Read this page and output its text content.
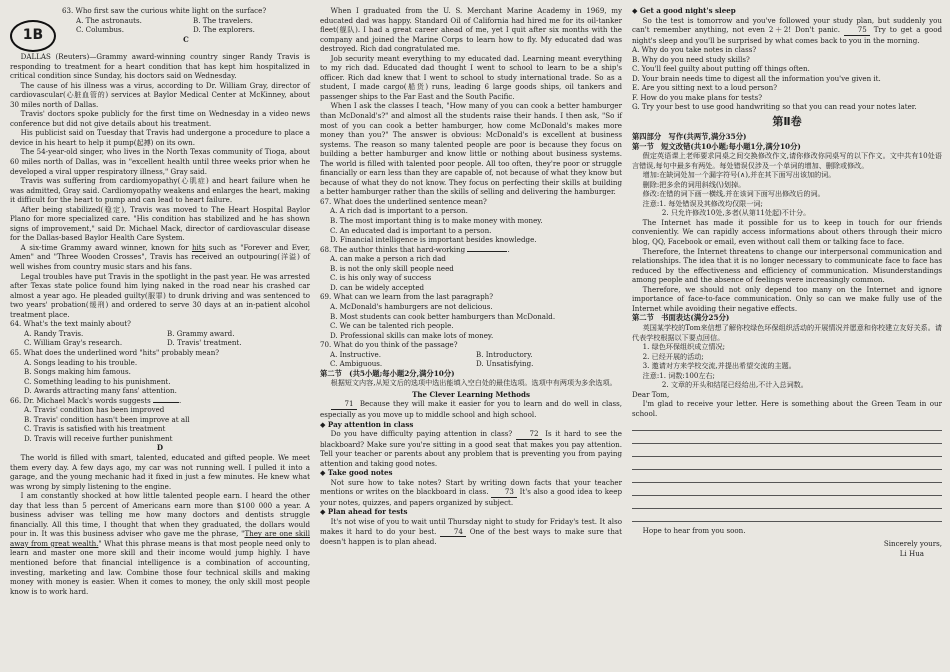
1B

63. Who first saw the curious white light on the surface?

A. The astronauts.	B. The travelers.
C. Columbus.	D. The explorers.

C

DALLAS (Reuters)—Grammy award-winning country singer Randy Travis is responding to treatment for a heart condition that has kept him hospitalized in critical condition since Sunday, his doctors said on Wednesday.

The cause of his illness was a virus, according to Dr. William Gray, director of cardiovascular(心脏血管的) services at Baylor Medical Center at McKinney, about 30 miles north of Dallas.

Travis' doctors spoke publicly for the first time on Wednesday in a video news conference but did not give details about his treatment.

His publicist said on Tuesday that Travis had undergone a procedure to place a device in his heart to help it pump(起搏) on its own.

The 54-year-old singer, who lives in the North Texas community of Tioga, about 60 miles north of Dallas, was in "excellent health until three weeks prior when he developed a viral upper respiratory illness," Gray said.

Travis was suffering from cardiomyopathy(心肌症) and heart failure when he was admitted, Gray said. Cardiomyopathy weakens and enlarges the heart, making it difficult for the heart to pump and can lead to heart failure.

After being stabilized(稳定), Travis was moved to The Heart Hospital Baylor Plano for more specialized care. "His condition has stabilized and he has shown signs of improvement," said Dr. Michael Mack, director of cardiovascular disease for the Dallas-based Baylor Health Care System.

A six-time Grammy award winner, known for hits such as "Forever and Ever, Amen" and "Three Wooden Crosses", Travis has received an outpouring(洋溢) of well wishes from country music stars and his fans.

Legal troubles have put Travis in the spotlight in the past year. He was arrested after Texas state police found him lying naked in the road near his crashed car almost a year ago. He pleaded guilty(服罪) to drunk driving and was sentenced to two years' probation(缓刑) and ordered to serve 30 days at an in-patient alcohol treatment place.

64. What's the text mainly about?

A. Randy Travis.	B. Grammy award.
C. William Gray's research.	D. Travis' treatment.

65. What does the underlined word "hits" probably mean?

A. Songs leading to his trouble.

B. Songs making him famous.

C. Something leading to his punishment.

D. Awards attracting many fans' attention.

66. Dr. Michael Mack's words suggests	.

A. Travis' condition has been improved

B. Travis' condition hasn't been improve at all

C. Travis is satisfied with his treatment

D. Travis will receive further punishment

D

The world is filled with smart, talented, educated and gifted people. We meet them every day. A few days ago, my car was not running well. I pulled it into a garage, and the young mechanic had it fixed in just a few minutes. He knew what was wrong by simply listening to the engine.

I am constantly shocked at how little talented people earn. I heard the other day that less than 5 percent of Americans earn more than $100 000 a year. A business adviser was telling me how many doctors and dentists struggle financially. All this time, I thought that when they graduated, the dollars would pour in. It was this business adviser who gave me the phrase, "They are one skill away from great wealth." What this phrase means is that most people need only to learn and master one more skill and their income would jump highly. I have mentioned before that financial intelligence is a combination of accounting, investing, marketing and law. Combine those four technical skills and making money with money is easier. When it comes to money, the only skill most people know is to work hard.

When I graduated from the U. S. Merchant Marine Academy in 1969, my educated dad was happy. Standard Oil of California had hired me for its oil-tanker fleet(舰队). I had a great career ahead of me, yet I quit after six months with the company and joined the Marine Corps to learn how to fly. My educated dad was destroyed. Rich dad congratulated me.

Job security meant everything to my educated dad. Learning meant everything to my rich dad. Educated dad thought I went to school to learn to be a ship's officer. Rich dad knew that I went to school to study international trade. So as a student, I made cargo(船货) runs, leading 6 large goods ships, oil tankers and passenger ships to the Far East and the South Pacific.

When I ask the classes I teach, "How many of you can cook a better hamburger than McDonald's?" and almost all the students raise their hands. I then ask, "So if most of you can cook a better hamburger, how come McDonald's makes more money than you?" The answer is obvious: McDonald's is excellent at business systems. The reason so many talented people are poor is because they focus on building a better hamburger and know little or nothing about business systems. The world is filled with talented poor people. All too often, they're poor or struggle financially or earn less than they are capable of, not because of what they know but because of what they do not know. They focus on perfecting their skills at building a better hamburger rather than the skills of selling and delivering the hamburger.

67. What does the underlined sentence mean?

A. A rich dad is important to a person.

B. The most important thing is to make money with money.

C. An educated dad is important to a person.

D. Financial intelligence is important besides knowledge.

68. The author thinks that hard-working	.

A. can make a person a rich dad

B. is not the only skill people need

C. is his only way of success

D. can be widely accepted

69. What can we learn from the last paragraph?

A. McDonald's hamburgers are not delicious.

B. Most students can cook better hamburgers than McDonald.

C. We can be talented rich people.

D. Professional skills can make lots of money.

70. What do you think of the passage?

A. Instructive.	B. Introductory.
C. Ambiguous.	D. Unsatisfying.

第二节　(共5小题;每小题2分,满分10分)

根据短文内容,从短文后的选项中选出能填入空白处的最佳选项。选项中有两项为多余选项。

The Clever Learning Methods

71 Because they will make it easier for you to learn and do well in class, especially as you move up to middle school and high school.

◆ Pay attention in class

Do you have difficulty paying attention in class? 72 Is it hard to see the blackboard? Make sure you're sitting in a good seat that makes you pay attention. Tell your teacher or parents about any problem that is preventing you from paying attention and taking good notes.

◆ Take good notes

Not sure how to take notes? Start by writing down facts that your teacher mentions or writes on the blackboard in class. 73 It's also a good idea to keep your notes, quizzes, and papers organized by subject.

◆ Plan ahead for tests

It's not wise of you to wait until Thursday night to study for Friday's test. It also makes it hard to do your best. 74 One of the best ways to make sure that doesn't happen is to plan ahead.

◆ Get a good night's sleep

So the test is tomorrow and you've followed your study plan, but suddenly you can't remember anything, not even 2＋2! Don't panic. 75 Try to get a good night's sleep and you'll be surprised by what comes back to you in the morning.

A. Why do you take notes in class?

B. Why do you need study skills?

C. You'll feel guilty about putting off things often.

D. Your brain needs time to digest all the information you've given it.

E. Are you sitting next to a loud person?

F. How do you make plans for tests?

G. Try your best to use good handwriting so that you can read your notes later.

第Ⅱ卷

第四部分　写作(共两节,满分35分)

第一节　短文改错(共10小题;每小题1分,满分10分)

假定英语课上老师要求同桌之间交换修改作文,请你修改你同桌写的以下作文。文中共有10处语言错误,每句中最多有两处。每处错误仅涉及一个单词的增加、删除或修改。

增加:在缺词处加一个漏字符号(∧),并在其下面写出该加的词。

删除:把多余的词用斜线(\)划掉。

修改:在错的词下画一横线,并在该词下面写出修改后的词。

注意:1. 每处错误及其修改均仅限一词;

2. 只允许修改10处,多者(从第11处起)不计分。

The Internet has made it possible for us to keep in touch for our friends conveniently. We can rapidly access informations about others through their micro blog, QQ, Facebook or email, even without call them or talking face to face.

Therefore, the Internet threatens to change our interpersonal communication and relationships. The idea that it is no longer necessary to communicate face to face has reduced by the effectiveness and efficiency of communication. Misunderstandings among people and the absence of feelings were increasingly common.

Therefore, we should not only depend too many on the Internet and ignore importance of face-to-face communication. Only so can we make fully use of the Internet while avoiding their negative effects.

第二节　书面表达(满分25分)

英国某学校的Tom来信想了解你校绿色环保组织活动的开展情况并愿意和你校建立友好关系。请代表学校根据以下要点回信。

1. 绿色环保组织成立情况;

2. 已经开展的活动;

3. 邀请对方来学校交流,并提出希望交流的主题。

注意:1. 词数:100左右;

2. 文章的开头和结尾已经给出,不计入总词数。

Dear Tom,

I'm glad to receive your letter. Here is something about the Green Team in our school.

Hope to hear from you soon.

Sincerely yours,

Li Hua
